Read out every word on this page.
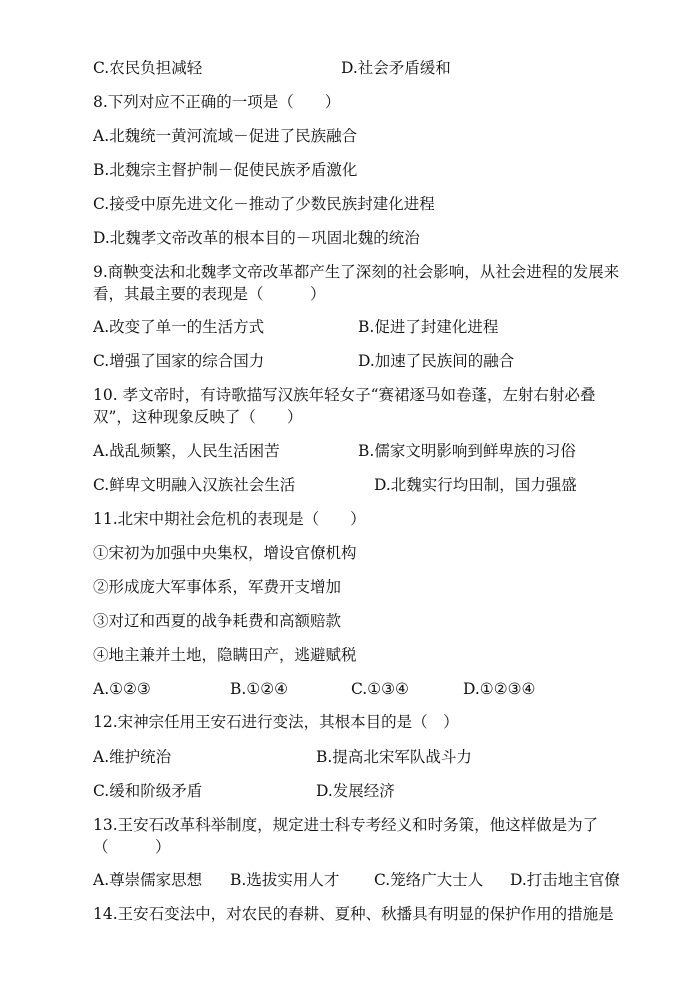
C.农民负担减轻	D.社会矛盾缓和
8.下列对应不正确的一项是（　　）
A.北魏统一黄河流域－促进了民族融合
B.北魏宗主督护制－促使民族矛盾激化
C.接受中原先进文化－推动了少数民族封建化进程
D.北魏孝文帝改革的根本目的－巩固北魏的统治
9.商鞅变法和北魏孝文帝改革都产生了深刻的社会影响，从社会进程的发展来
看，其最主要的表现是（　　　）
A.改变了单一的生活方式	B.促进了封建化进程
C.增强了国家的综合国力	D.加速了民族间的融合
10. 孝文帝时，有诗歌描写汉族年轻女子“赛裙逐马如卷蓬，左射右射必叠
双”，这种现象反映了（　　）
A.战乱频繁，人民生活困苦	B.儒家文明影响到鲜卑族的习俗
C.鲜卑文明融入汉族社会生活	D.北魏实行均田制，国力强盛
11.北宋中期社会危机的表现是（　　）
①宋初为加强中央集权，增设官僚机构
②形成庞大军事体系，军费开支增加
③对辽和西夏的战争耗费和高额赔款
④地主兼并土地，隐瞒田产，逃避赋税
A.①②③	B.①②④	C.①③④	D.①②③④
12.宋神宗任用王安石进行变法，其根本目的是（　）
A.维护统治	B.提高北宋军队战斗力
C.缓和阶级矛盾	D.发展经济
13.王安石改革科举制度，规定进士科专考经义和时务策，他这样做是为了
（　　　）
A.尊崇儒家思想 B.选拔实用人才 C.笼络广大士人 D.打击地主官僚
14.王安石变法中，对农民的春耕、夏种、秋播具有明显的保护作用的措施是
